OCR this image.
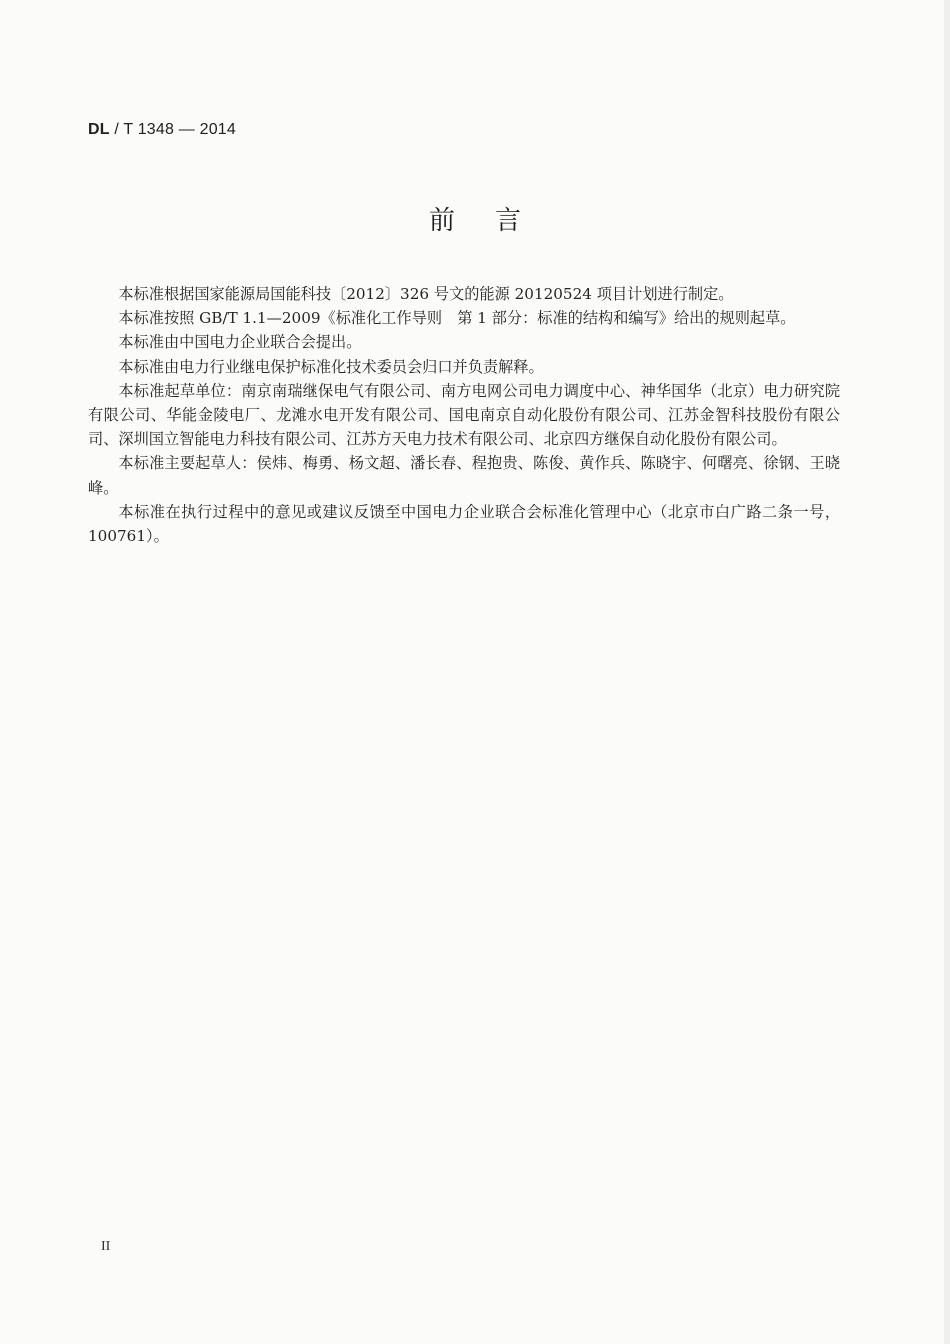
DL / T 1348 — 2014
前言

本标准根据国家能源局国能科技〔2012〕326 号文的能源 20120524 项目计划进行制定。

本标准按照 GB/T 1.1—2009《标准化工作导则　第 1 部分：标准的结构和编写》给出的规则起草。

本标准由中国电力企业联合会提出。

本标准由电力行业继电保护标准化技术委员会归口并负责解释。

本标准起草单位：南京南瑞继保电气有限公司、南方电网公司电力调度中心、神华国华（北京）电力研究院有限公司、华能金陵电厂、龙滩水电开发有限公司、国电南京自动化股份有限公司、江苏金智科技股份有限公司、深圳国立智能电力科技有限公司、江苏方天电力技术有限公司、北京四方继保自动化股份有限公司。

本标准主要起草人：侯炜、梅勇、杨文超、潘长春、程抱贵、陈俊、黄作兵、陈晓宇、何曙亮、徐钢、王晓峰。

本标准在执行过程中的意见或建议反馈至中国电力企业联合会标准化管理中心（北京市白广路二条一号，100761）。

II
